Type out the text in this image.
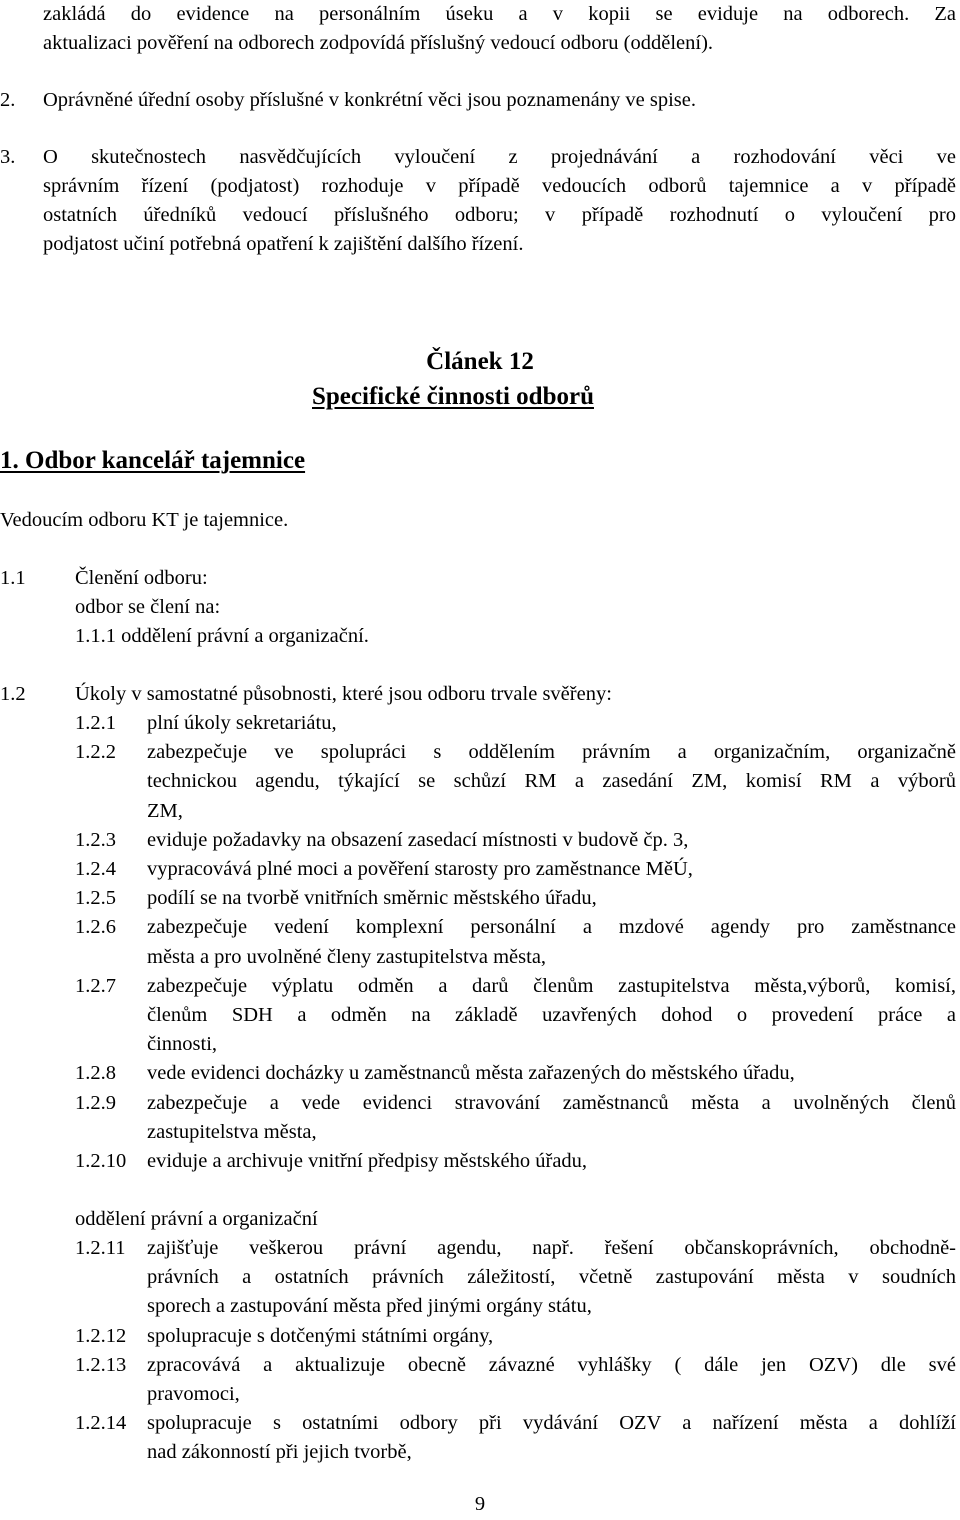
zakládá do evidence na personálním úseku a v kopii se eviduje na odborech. Za
aktualizaci pověření na odborech zodpovídá příslušný vedoucí odboru (oddělení).
2. Oprávněné úřední osoby příslušné v konkrétní věci jsou poznamenány ve spise.
3. O skutečnostech nasvědčujících vyloučení z projednávání a rozhodování věci ve
správním řízení (podjatost) rozhoduje v případě vedoucích odborů tajemnice a v případě
ostatních úředníků vedoucí příslušného odboru; v případě rozhodnutí o vyloučení pro
podjatost učiní potřebná opatření k zajištění dalšího řízení.
Článek 12
Specifické činnosti odborů
1. Odbor kancelář tajemnice
Vedoucím odboru KT je tajemnice.
1.1 Členění odboru:
odbor se člení na:
1.1.1 oddělení právní a organizační.
1.2 Úkoly v samostatné působnosti, které jsou odboru trvale svěřeny:
1.2.1 plní úkoly sekretariátu,
1.2.2 zabezpečuje ve spolupráci s oddělením právním a organizačním, organizačně
technickou agendu, týkající se schůzí RM a zasedání ZM, komisí RM a výborů
ZM,
1.2.3 eviduje požadavky na obsazení zasedací místnosti v budově čp. 3,
1.2.4 vypracovává plné moci a pověření starosty pro zaměstnance MěÚ,
1.2.5 podílí se na tvorbě vnitřních směrnic městského úřadu,
1.2.6 zabezpečuje vedení komplexní personální a mzdové agendy pro zaměstnance
města a pro uvolněné členy zastupitelstva města,
1.2.7 zabezpečuje výplatu odměn a darů členům zastupitelstva města,výborů, komisí,
členům SDH a odměn na základě uzavřených dohod o provedení práce a
činnosti,
1.2.8 vede evidenci docházky u zaměstnanců města zařazených do městského úřadu,
1.2.9 zabezpečuje a vede evidenci stravování zaměstnanců města a uvolněných členů
zastupitelstva města,
1.2.10 eviduje a archivuje vnitřní předpisy městského úřadu,
oddělení právní a organizační
1.2.11 zajišťuje veškerou právní agendu, např. řešení občanskoprávních, obchodně-
právních a ostatních právních záležitostí, včetně zastupování města v soudních
sporech a zastupování města před jinými orgány státu,
1.2.12 spolupracuje s dotčenými státními orgány,
1.2.13 zpracovává a aktualizuje obecně závazné vyhlášky ( dále jen OZV) dle své
pravomoci,
1.2.14 spolupracuje s ostatními odbory při vydávání OZV a nařízení města a dohlíží
nad zákonností při jejich tvorbě,
9
